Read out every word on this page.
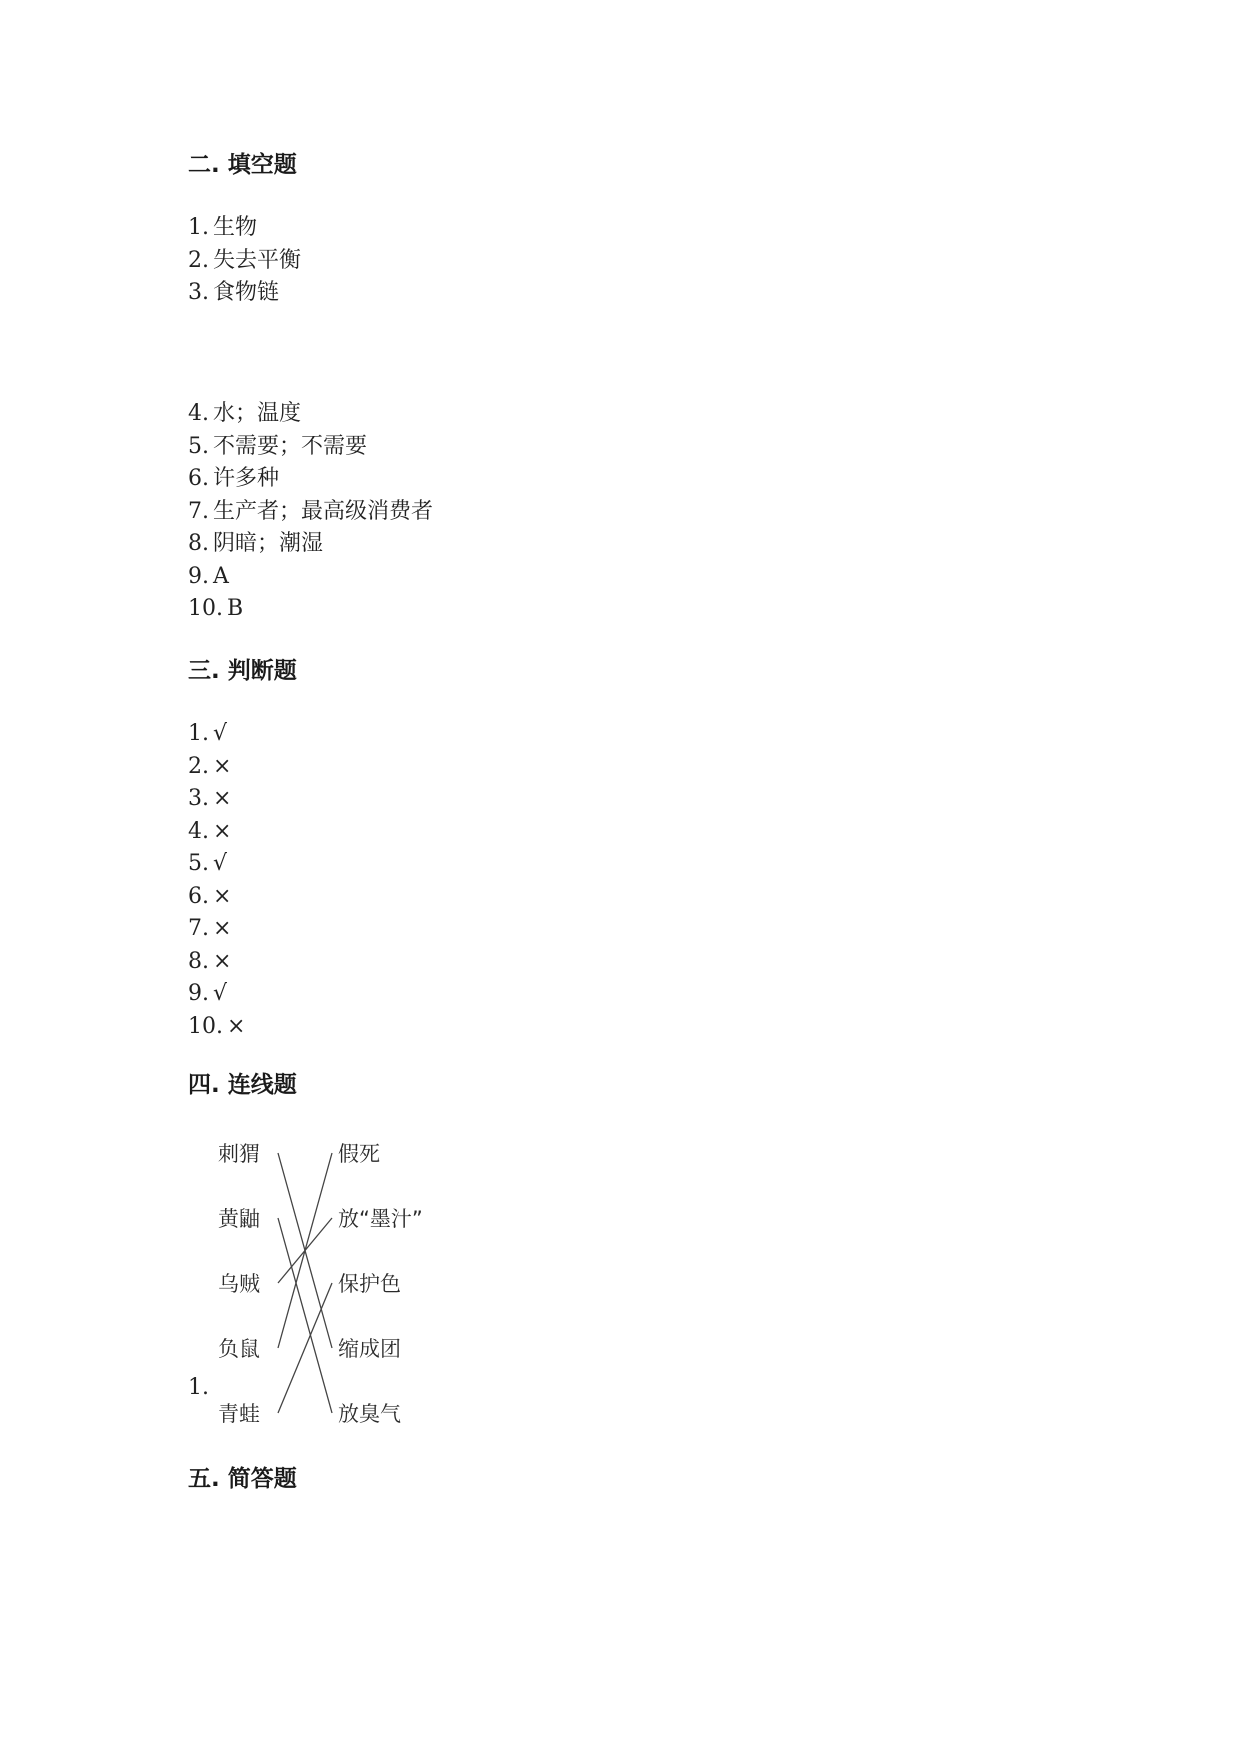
二. 填空题
1. 生物
2. 失去平衡
3. 食物链
4. 水；温度
5. 不需要；不需要
6. 许多种
7. 生产者；最高级消费者
8. 阴暗；潮湿
9. A
10. B
三. 判断题
1. √
2. ×
3. ×
4. ×
5. √
6. ×
7. ×
8. ×
9. √
10. ×
四. 连线题
1.
刺猬
黄鼬
乌贼
负鼠
青蛙
假死
放“墨汁”
保护色
缩成团
放臭气
五. 简答题
